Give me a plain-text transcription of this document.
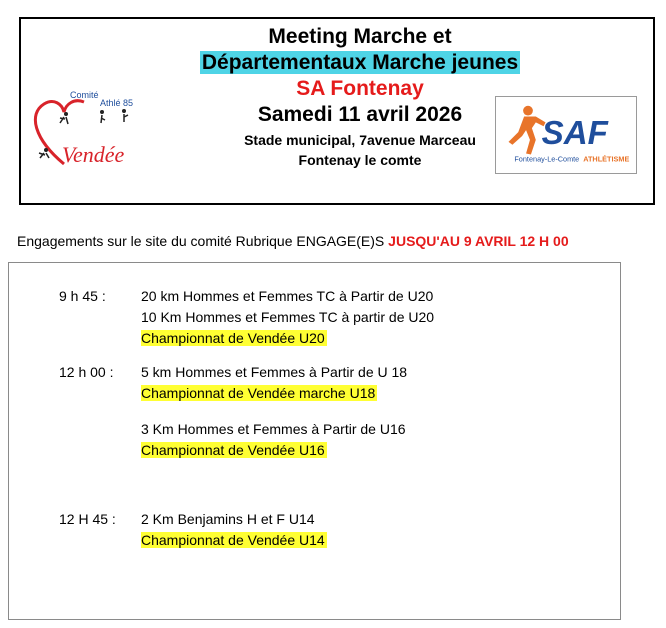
Meeting Marche et
Départementaux Marche jeunes
SA Fontenay
Samedi 11 avril 2026
Stade municipal, 7avenue Marceau
Fontenay le comte
Comité
Athlé 85
Vendée
SAF
Fontenay-Le-Comte ATHLÉTISME
Engagements sur le site du comité Rubrique ENGAGE(E)S JUSQU'AU 9 AVRIL 12 H 00
9 h 45 :	20 km Hommes et Femmes TC à Partir de U20
10 Km Hommes et Femmes TC à partir de U20
Championnat de Vendée U20
12 h 00 : 5 km Hommes et Femmes à Partir de U 18
Championnat de Vendée marche U18
3 Km Hommes et Femmes à Partir de U16
Championnat de Vendée U16
12 H 45 : 2 Km Benjamins H et F U14
Championnat de Vendée U14
